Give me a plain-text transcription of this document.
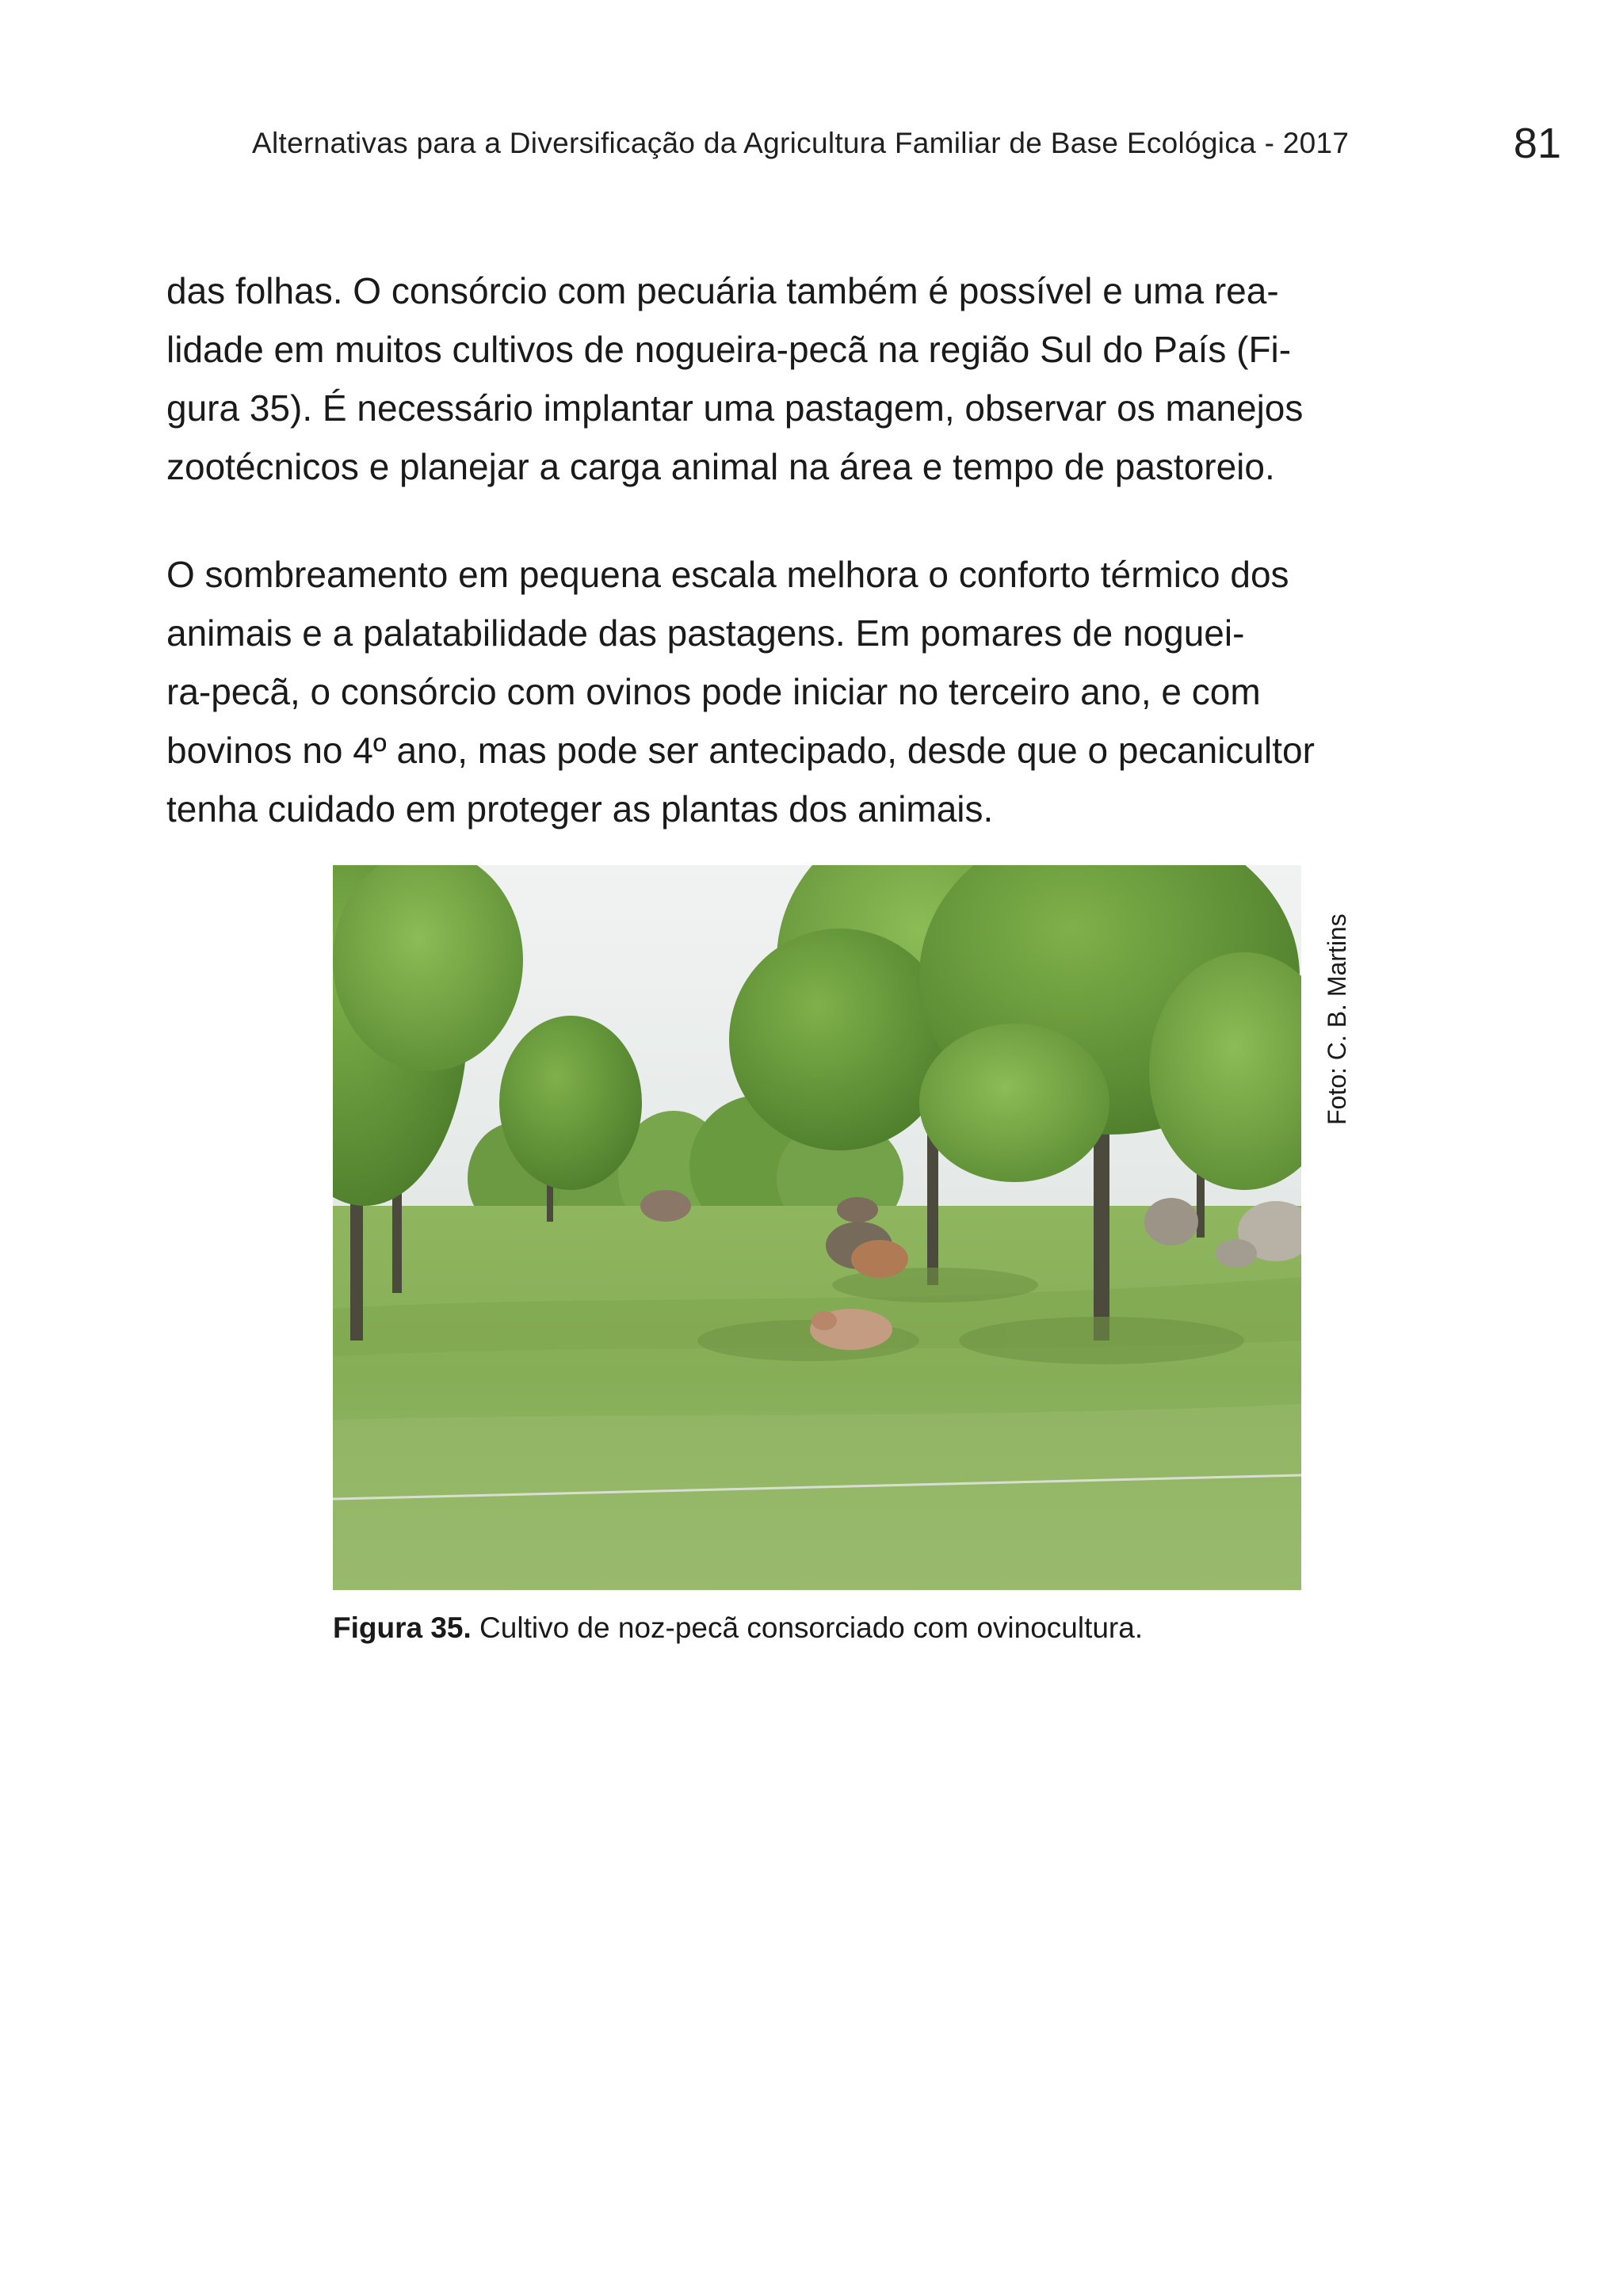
Alternativas para a Diversificação da Agricultura Familiar de Base Ecológica - 2017	81
das folhas. O consórcio com pecuária também é possível e uma rea-
lidade em muitos cultivos de nogueira-pecã na região Sul do País (Fi-
gura 35). É necessário implantar uma pastagem, observar os manejos
zootécnicos e planejar a carga animal na área e tempo de pastoreio.
O sombreamento em pequena escala melhora o conforto térmico dos
animais e a palatabilidade das pastagens. Em pomares de noguei-
ra-pecã, o consórcio com ovinos pode iniciar no terceiro ano, e com
bovinos no 4º ano, mas pode ser antecipado, desde que o pecanicultor
tenha cuidado em proteger as plantas dos animais.
Foto: C. B. Martins
Figura 35. Cultivo de noz-pecã consorciado com ovinocultura.
